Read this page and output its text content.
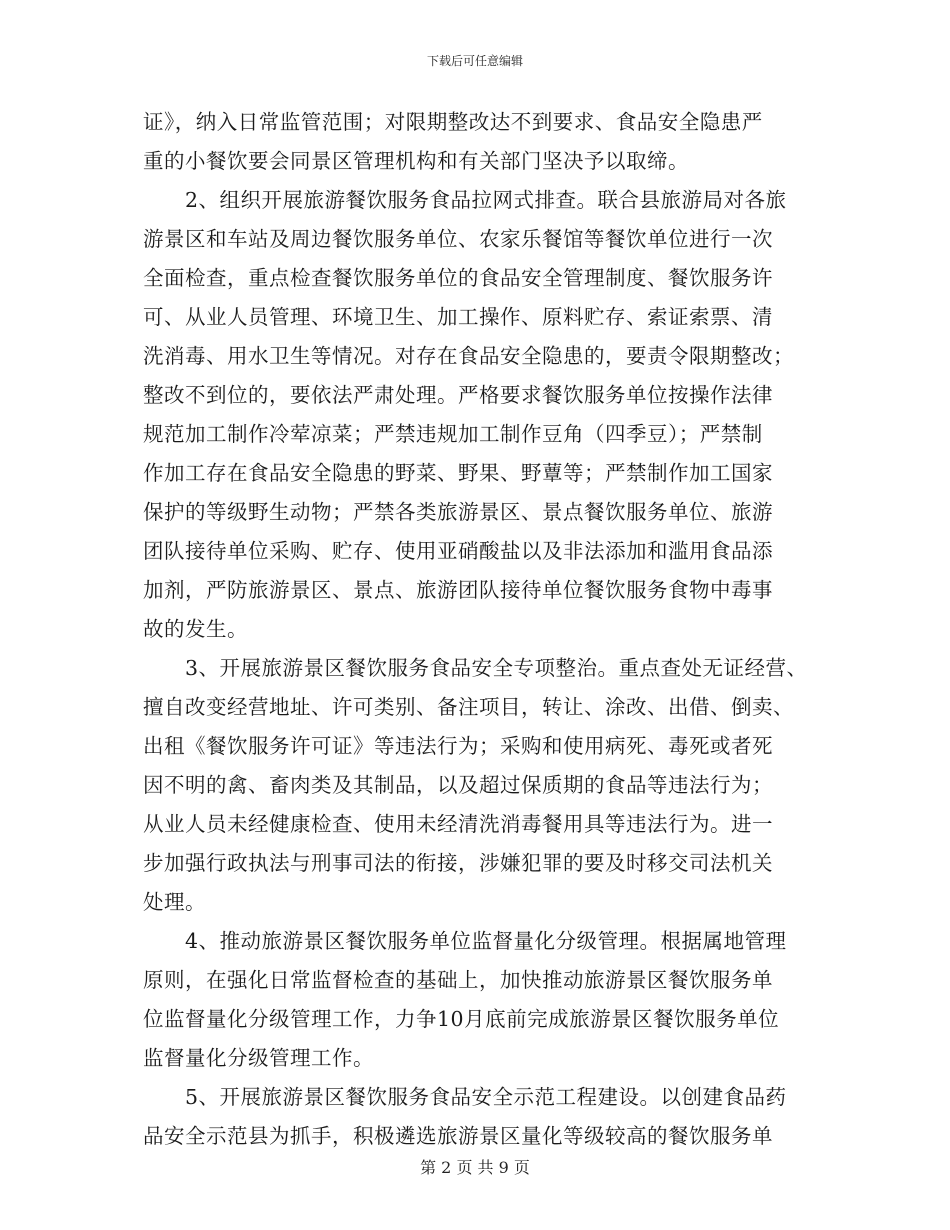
下载后可任意编辑
证》，纳入日常监管范围；对限期整改达不到要求、食品安全隐患严
重的小餐饮要会同景区管理机构和有关部门坚决予以取缔。
　　2、组织开展旅游餐饮服务食品拉网式排查。联合县旅游局对各旅
游景区和车站及周边餐饮服务单位、农家乐餐馆等餐饮单位进行一次
全面检查，重点检查餐饮服务单位的食品安全管理制度、餐饮服务许
可、从业人员管理、环境卫生、加工操作、原料贮存、索证索票、清
洗消毒、用水卫生等情况。对存在食品安全隐患的，要责令限期整改；
整改不到位的，要依法严肃处理。严格要求餐饮服务单位按操作法律
规范加工制作冷荤凉菜；严禁违规加工制作豆角（四季豆）；严禁制
作加工存在食品安全隐患的野菜、野果、野蕈等；严禁制作加工国家
保护的等级野生动物；严禁各类旅游景区、景点餐饮服务单位、旅游
团队接待单位采购、贮存、使用亚硝酸盐以及非法添加和滥用食品添
加剂，严防旅游景区、景点、旅游团队接待单位餐饮服务食物中毒事
故的发生。
　　3、开展旅游景区餐饮服务食品安全专项整治。重点查处无证经营、
擅自改变经营地址、许可类别、备注项目，转让、涂改、出借、倒卖、
出租《餐饮服务许可证》等违法行为；采购和使用病死、毒死或者死
因不明的禽、畜肉类及其制品，以及超过保质期的食品等违法行为；
从业人员未经健康检查、使用未经清洗消毒餐用具等违法行为。进一
步加强行政执法与刑事司法的衔接，涉嫌犯罪的要及时移交司法机关
处理。
　　4、推动旅游景区餐饮服务单位监督量化分级管理。根据属地管理
原则，在强化日常监督检查的基础上，加快推动旅游景区餐饮服务单
位监督量化分级管理工作，力争10月底前完成旅游景区餐饮服务单位
监督量化分级管理工作。
　　5、开展旅游景区餐饮服务食品安全示范工程建设。以创建食品药
品安全示范县为抓手，积极遴选旅游景区量化等级较高的餐饮服务单
第 2 页 共 9 页
